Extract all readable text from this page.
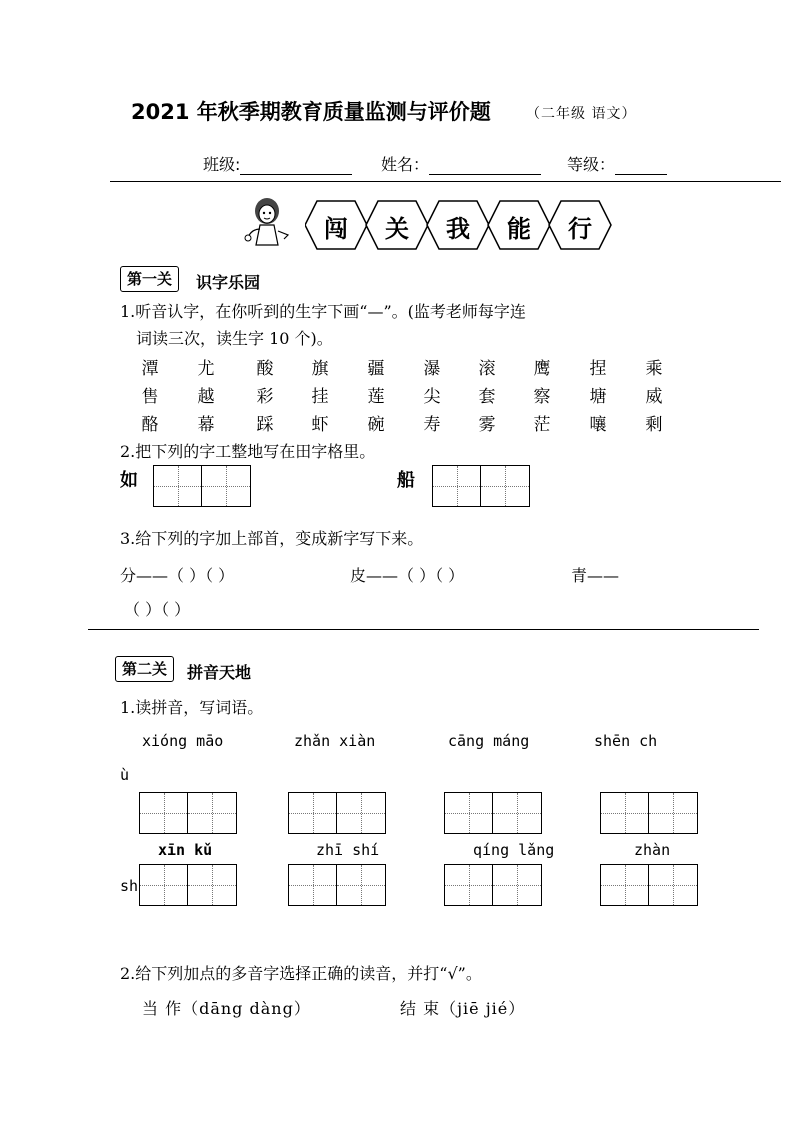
2021 年秋季期教育质量监测与评价题	（二年级 语文）
班级:	姓名：	等级：
闯 关 我 能 行
第一关	识字乐园
1.听音认字，在你听到的生字下画“—”。(监考老师每字连
词读三次，读生字 10 个)。
潭	尤	酸	旗	疆	瀑	滚	鹰	捏	乘
售	越	彩	挂	莲	尖	套	察	塘	威
酪	幕	踩	虾	碗	寿	雾	茫	嚷	剩
2.把下列的字工整地写在田字格里。
如	船
3.给下列的字加上部首，变成新字写下来。
分——（ ）（ ）	皮——（ ）（ ）	青——
（ ）（ ）
第二关	拼音天地
1.读拼音，写词语。
xióng māo	zhǎn xiàn	cāng máng	shēn ch
ù
xīn kǔ	zhī shí	qíng lǎng	zhàn
sh
2.给下列加点的多音字选择正确的读音，并打“√”。
当 作（dāng dàng）	结 束（jiē jié）
